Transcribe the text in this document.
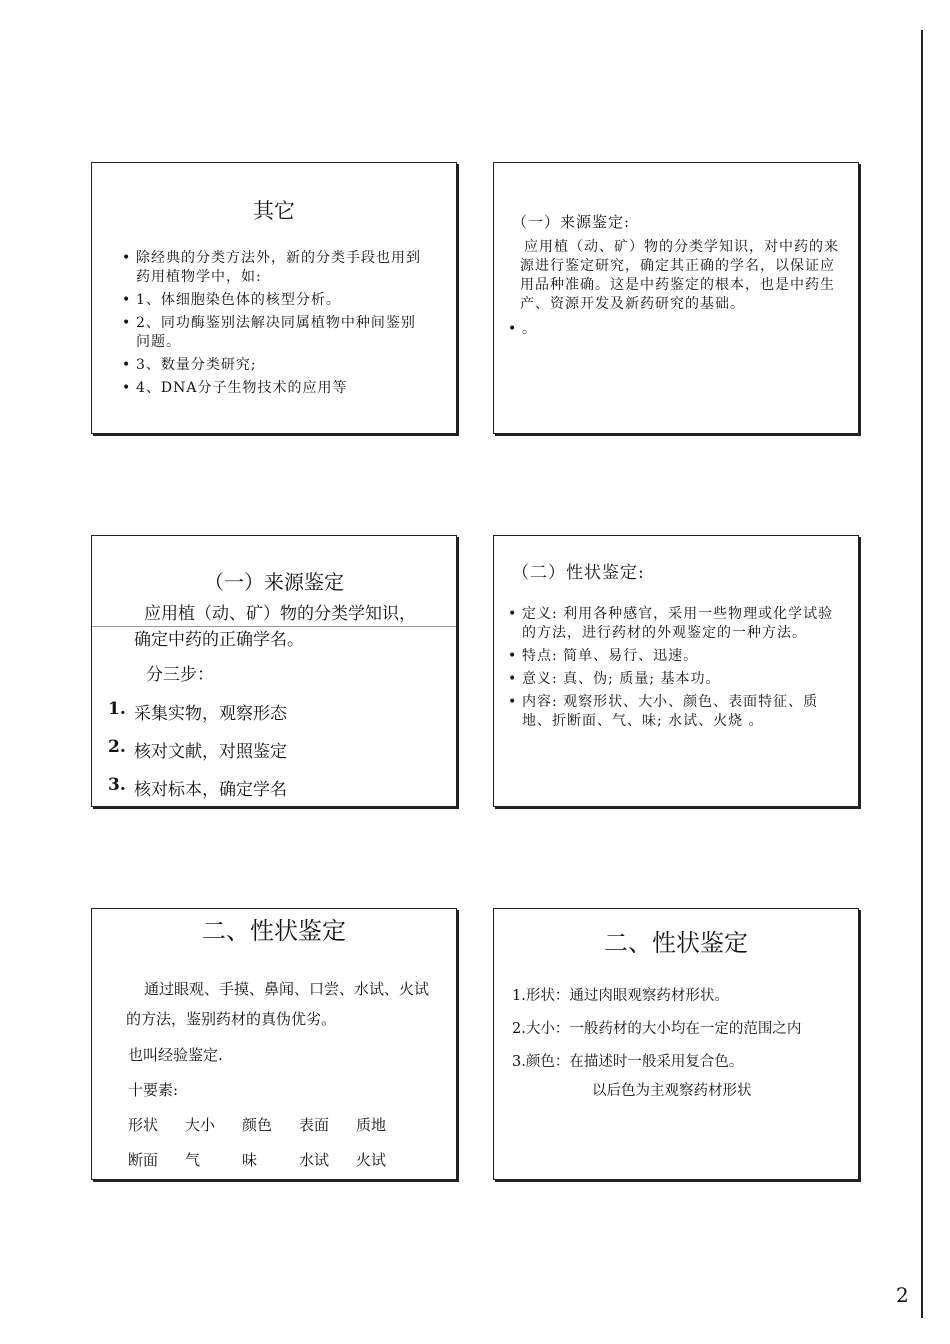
其它
• 除经典的分类方法外，新的分类手段也用到药用植物学中，如:
• 1、体细胞染色体的核型分析。
• 2、同功酶鉴别法解决同属植物中种间鉴别问题。
• 3、数量分类研究;
• 4、DNA分子生物技术的应用等
（一）来源鉴定:
应用植（动、矿）物的分类学知识，对中药的来源进行鉴定研究，确定其正确的学名，以保证应用品种准确。这是中药鉴定的根本，也是中药生产、资源开发及新药研究的基础。
• 。
（一）来源鉴定
应用植（动、矿）物的分类学知识，
确定中药的正确学名。
分三步：
1. 采集实物，观察形态
2. 核对文献，对照鉴定
3. 核对标本，确定学名
（二）性状鉴定:
• 定义: 利用各种感官，采用一些物理或化学试验的方法，进行药材的外观鉴定的一种方法。
• 特点: 简单、易行、迅速。
• 意义: 真、伪; 质量; 基本功。
• 内容: 观察形状、大小、颜色、表面特征、质地、折断面、气、味; 水试、火烧 。
二、性状鉴定
通过眼观、手摸、鼻闻、口尝、水试、火试的方法，鉴别药材的真伪优劣。
也叫经验鉴定.
十要素:
形状	大小	颜色	表面	质地
断面	气	味	水试	火试
二、性状鉴定
1.形状：通过肉眼观察药材形状。
2.大小：一般药材的大小均在一定的范围之内
3.颜色：在描述时一般采用复合色。
以后色为主观察药材形状
2
